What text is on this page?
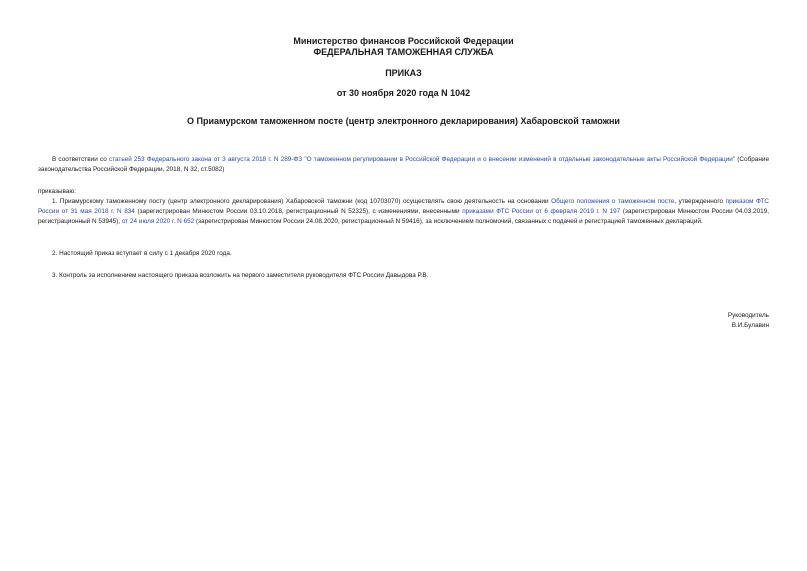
Министерство финансов Российской Федерации
ФЕДЕРАЛЬНАЯ ТАМОЖЕННАЯ СЛУЖБА
ПРИКАЗ
от 30 ноября 2020 года N 1042
О Приамурском таможенном посте (центр электронного декларирования) Хабаровской таможни
В соответствии со статьей 253 Федерального закона от 3 августа 2018 г. N 289-ФЗ "О таможенном регулировании в Российской Федерации и о внесении изменений в отдельные законодательные акты Российской Федерации" (Собрание законодательства Российской Федерации, 2018, N 32, ст.5082)
приказываю:
1. Приамурскому таможенному посту (центр электронного декларирования) Хабаровской таможни (код 10703070) осуществлять свою деятельность на основании Общего положения о таможенном посте, утвержденного приказом ФТС России от 31 мая 2018 г. N 834 (зарегистрирован Минюстом России 03.10.2018, регистрационный N 52325), с изменениями, внесенными приказами ФТС России от 6 февраля 2019 г. N 197 (зарегистрирован Минюстом России 04.03.2019, регистрационный N 53945), от 24 июля 2020 г. N 652 (зарегистрирован Минюстом России 24.08.2020, регистрационный N 59416), за исключением полномочий, связанных с подачей и регистрацией таможенных деклараций.
2. Настоящий приказ вступает в силу с 1 декабря 2020 года.
3. Контроль за исполнением настоящего приказа возложить на первого заместителя руководителя ФТС России Давыдова Р.В.
Руководитель
В.И.Булавин
